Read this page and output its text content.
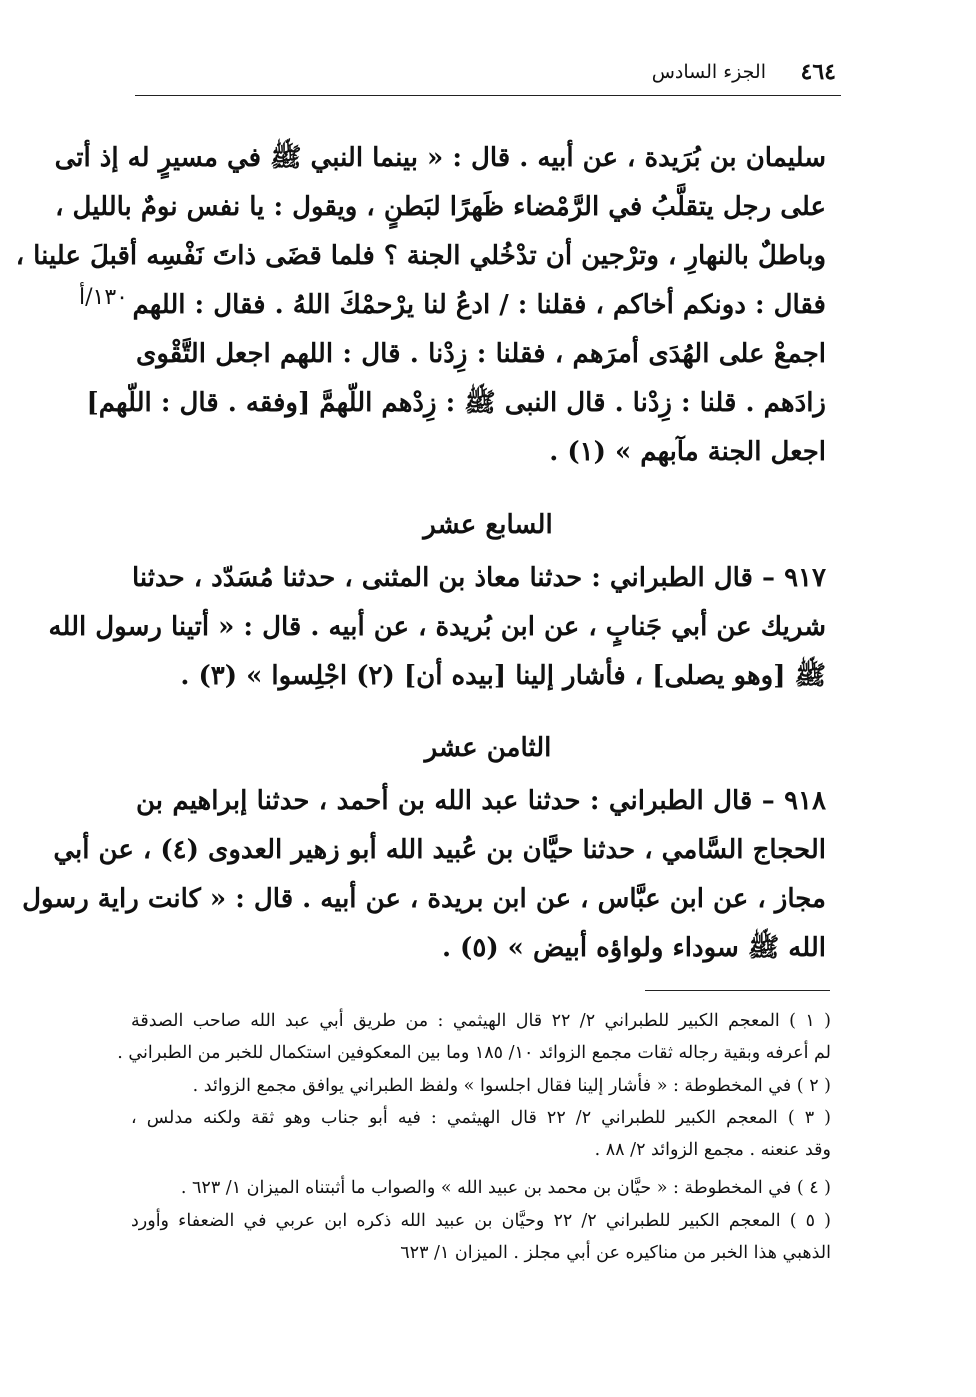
٤٦٤
الجزء السادس
١٣٠/أ
سليمان بن بُرَيدة ، عن أبيه . قال : « بينما النبي ﷺ في مسيرٍ له إذ أتى
على رجل يتقلَّبُ في الرَّمْضاء ظَهرًا لبَطنٍ ، ويقول : يا نفس نومٌ بالليل ،
وباطلٌ بالنهارِ ، وترْجين أن تدْخُلي الجنة ؟ فلما قضَى ذاتَ نَفْسِه أقبلَ علينا ،
فقال : دونكم أخاكم ، فقلنا : / ادعُ لنا يرْحمْكَ اللهُ . فقال : اللهم
اجمعْ على الهُدَى أمرَهم ، فقلنا : زِدْنا . قال : اللهم اجعل التَّقْوى
زادَهم . قلنا : زِدْنا . قال النبى ﷺ : زِدْهم اللّهمَّ [وفقه . قال : اللّهم]
اجعل الجنة مآبهم » (١) .
السابع عشر
٩١٧ – قال الطبراني : حدثنا معاذ بن المثنى ، حدثنا مُسَدّد ، حدثنا
شريك عن أبي جَنابٍ ، عن ابن بُريدة ، عن أبيه . قال : « أتينا رسول الله
ﷺ [وهو يصلى] ، فأشار إلينا [بيده أن] (٢) اجْلِسوا » (٣) .
الثامن عشر
٩١٨ – قال الطبراني : حدثنا عبد الله بن أحمد ، حدثنا إبراهيم بن
الحجاج السَّامي ، حدثنا حيَّان بن عُبيد الله أبو زهير العدوى (٤) ، عن أبي
مجاز ، عن ابن عبَّاس ، عن ابن بريدة ، عن أبيه . قال : « كانت راية رسول
الله ﷺ سوداء ولواؤه أبيض » (٥) .
( ١ ) المعجم الكبير للطبراني ٢/ ٢٢ قال الهيثمي : من طريق أبي عبد الله صاحب الصدقة
لم أعرفه وبقية رجاله ثقات مجمع الزوائد ١٠/ ١٨٥ وما بين المعكوفين استكمال للخبر من الطبراني .
( ٢ ) في المخطوطة : « فأشار إلينا فقال اجلسوا » ولفظ الطبراني يوافق مجمع الزوائد .
( ٣ ) المعجم الكبير للطبراني ٢/ ٢٢ قال الهيثمي : فيه أبو جناب وهو ثقة ولكنه مدلس ،
وقد عنعنه . مجمع الزوائد ٢/ ٨٨ .
( ٤ ) في المخطوطة : « حيَّان بن محمد بن عبيد الله » والصواب ما أثبتناه الميزان ١/ ٦٢٣ .
( ٥ ) المعجم الكبير للطبراني ٢/ ٢٢ وحيَّان بن عبيد الله ذكره ابن عربي في الضعفاء وأورد
الذهبي هذا الخبر من مناكيره عن أبي مجلز . الميزان ١/ ٦٢٣
